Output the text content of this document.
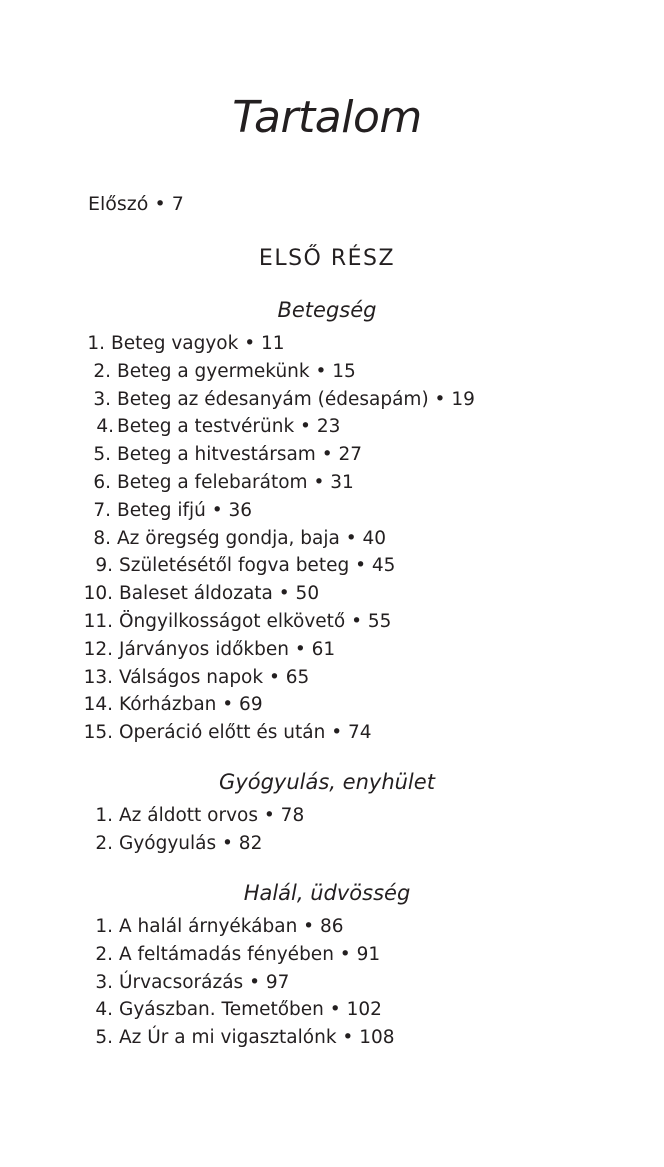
Tartalom
Előszó • 7
ELSŐ RÉSZ
Betegség
1. Beteg vagyok • 11
2. Beteg a gyermekünk • 15
3. Beteg az édesanyám (édesapám) • 19
4. Beteg a testvérünk • 23
5. Beteg a hitvestársam • 27
6. Beteg a felebarátom • 31
7. Beteg ifjú • 36
8. Az öregség gondja, baja • 40
9. Születésétől fogva beteg • 45
10. Baleset áldozata • 50
11. Öngyilkosságot elkövető • 55
12. Járványos időkben • 61
13. Válságos napok • 65
14. Kórházban • 69
15. Operáció előtt és után • 74
Gyógyulás, enyhület
1. Az áldott orvos • 78
2. Gyógyulás • 82
Halál, üdvösség
1. A halál árnyékában • 86
2. A feltámadás fényében • 91
3. Úrvacsorázás • 97
4. Gyászban. Temetőben • 102
5. Az Úr a mi vigasztalónk • 108
